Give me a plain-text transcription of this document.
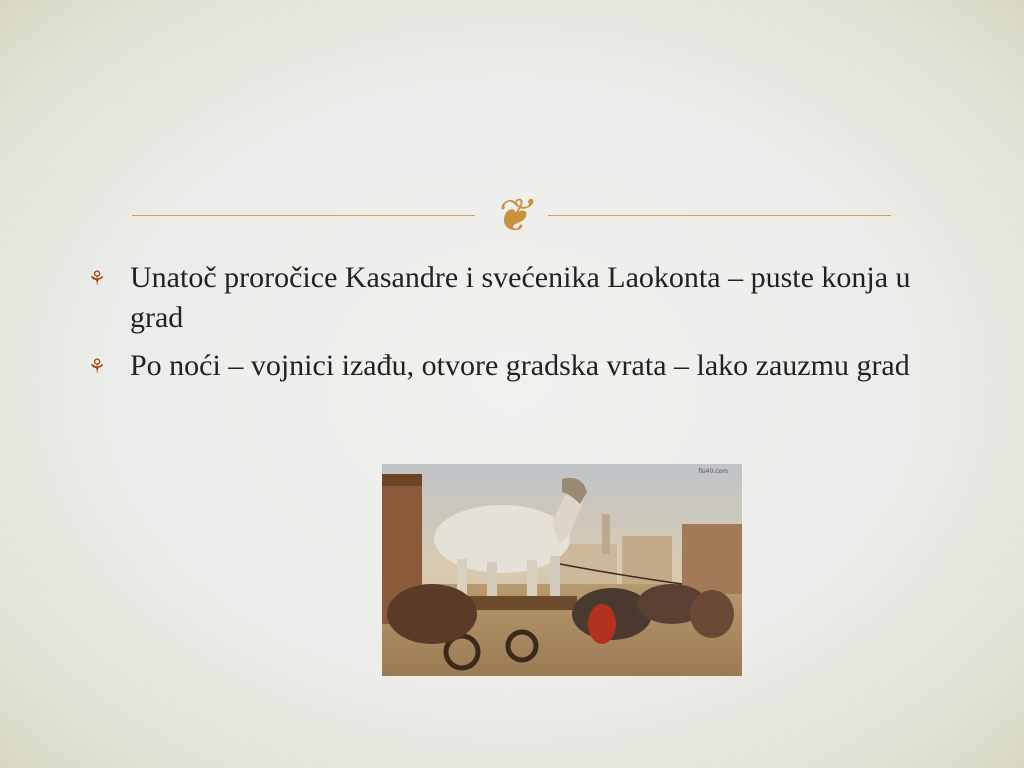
❦
⚘ Unatoč proročice Kasandre i svećenika Laokonta – puste konja u grad
⚘ Po noći – vojnici izađu, otvore gradska vrata – lako zauzmu grad
flo40.com
